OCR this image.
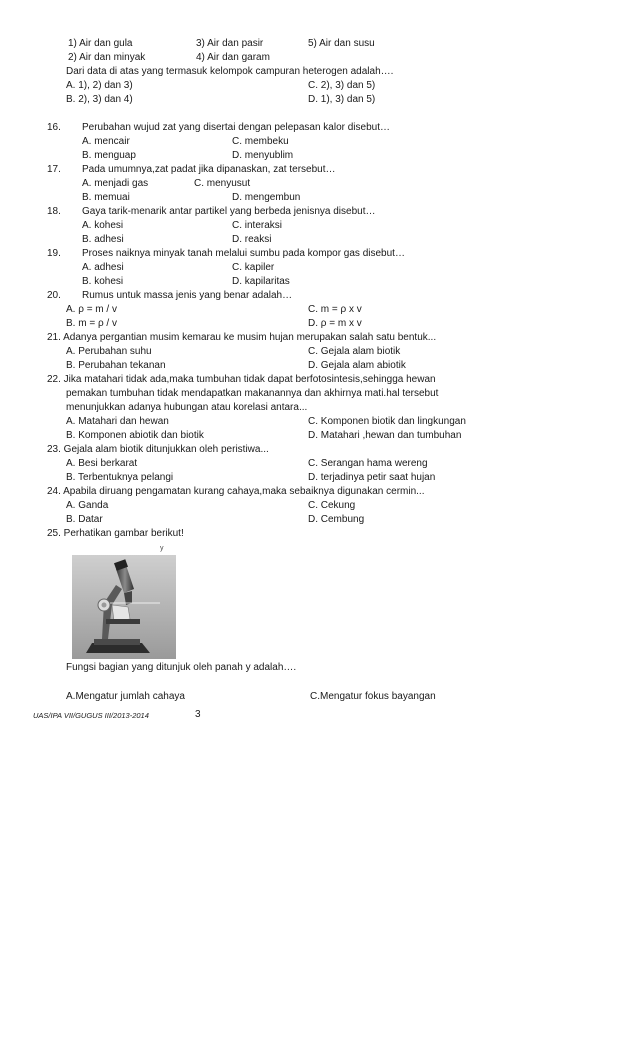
1) Air dan gula	3) Air dan pasir	5) Air dan susu
2) Air dan minyak	4) Air dan garam
Dari data di atas yang termasuk kelompok campuran heterogen adalah….
A. 1), 2) dan 3)	C. 2), 3) dan 5)
B. 2), 3) dan 4)	D. 1), 3) dan 5)
16. Perubahan wujud zat yang disertai dengan pelepasan kalor disebut…
A. mencair	C. membeku
B. menguap	D. menyublim
17. Pada umumnya,zat padat jika dipanaskan, zat tersebut…
A. menjadi gas	C. menyusut
B. memuai	D. mengembun
18. Gaya tarik-menarik antar partikel yang berbeda jenisnya disebut…
A. kohesi	C. interaksi
B. adhesi	D. reaksi
19. Proses naiknya minyak tanah melalui sumbu pada kompor gas disebut…
A. adhesi	C. kapiler
B. kohesi	D. kapilaritas
20. Rumus untuk massa jenis yang benar adalah…
A. ρ = m / v	C. m = ρ x v
B. m = ρ / v	D. ρ = m x v
21. Adanya pergantian musim kemarau ke musim hujan merupakan salah satu bentuk...
A. Perubahan suhu	C. Gejala alam biotik
B. Perubahan tekanan	D. Gejala alam abiotik
22. Jika matahari tidak ada,maka tumbuhan tidak dapat berfotosintesis,sehingga hewan
pemakan tumbuhan tidak mendapatkan makanannya dan akhirnya mati.hal tersebut
menunjukkan adanya hubungan atau korelasi antara...
A. Matahari dan hewan	C. Komponen biotik dan lingkungan
B. Komponen abiotik dan biotik	D. Matahari ,hewan dan tumbuhan
23. Gejala alam biotik ditunjukkan oleh peristiwa...
A. Besi berkarat	C. Serangan hama wereng
B. Terbentuknya pelangi	D. terjadinya petir saat hujan
24. Apabila diruang pengamatan kurang cahaya,maka sebaiknya digunakan cermin...
A. Ganda	C. Cekung
B. Datar	D. Cembung
25. Perhatikan gambar berikut!
y
Fungsi bagian yang ditunjuk oleh panah y adalah….
A.Mengatur jumlah cahaya	C.Mengatur fokus bayangan
UAS/IPA VII/GUGUS III/2013-2014	3
